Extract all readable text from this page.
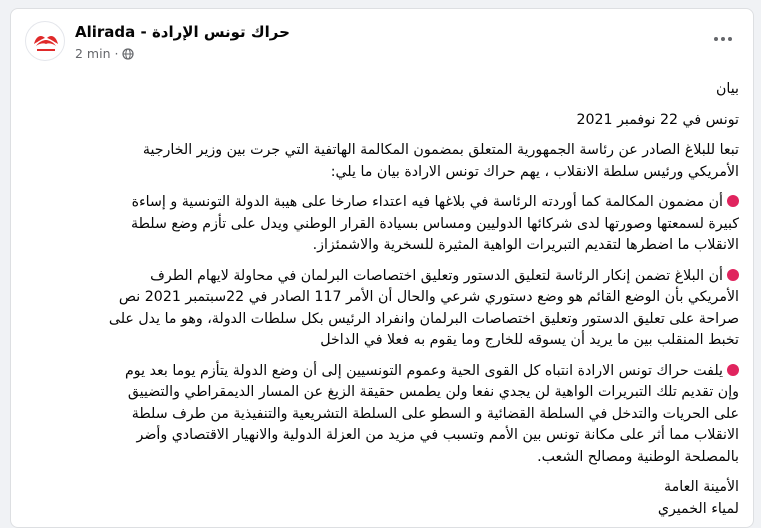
Alirada - حراك تونس الإرادة
2 min ·

بيان

تونس في 22 نوفمبر 2021

تبعا للبلاغ الصادر عن رئاسة الجمهورية المتعلق بمضمون المكالمة الهاتفية التي جرت بين وزير الخارجية
الأمريكي ورئيس سلطة الانقلاب ، يهم حراك تونس الارادة بيان ما يلي:

أن مضمون المكالمة كما أوردته الرئاسة في بلاغها فيه اعتداء صارخا على هيبة الدولة التونسية و إساءة
كبيرة لسمعتها وصورتها لدى شركائها الدوليين ومساس بسيادة القرار الوطني ويدل على تأزم وضع سلطة
الانقلاب ما اضطرها لتقديم التبريرات الواهية المثيرة للسخرية والاشمئزاز.

أن البلاغ تضمن إنكار الرئاسة لتعليق الدستور وتعليق اختصاصات البرلمان في محاولة لايهام الطرف
الأمريكي بأن الوضع القائم هو وضع دستوري شرعي والحال أن الأمر 117 الصادر في 22سبتمبر 2021 نص
صراحة على تعليق الدستور وتعليق اختصاصات البرلمان وانفراد الرئيس بكل سلطات الدولة، وهو ما يدل على
تخبط المنقلب بين ما يريد أن يسوقه للخارج وما يقوم به فعلا في الداخل

يلفت حراك تونس الارادة انتباه كل القوى الحية وعموم التونسيين إلى أن وضع الدولة يتأزم يوما بعد يوم
وإن تقديم تلك التبريرات الواهية لن يجدي نفعا ولن يطمس حقيقة الزيغ عن المسار الديمقراطي والتضييق
على الحريات والتدخل في السلطة القضائية و السطو على السلطة التشريعية والتنفيذية من طرف سلطة
الانقلاب مما أثر على مكانة تونس بين الأمم وتسبب في مزيد من العزلة الدولية والانهيار الاقتصادي وأضر
بالمصلحة الوطنية ومصالح الشعب.

الأمينة العامة
لمياء الخميري
